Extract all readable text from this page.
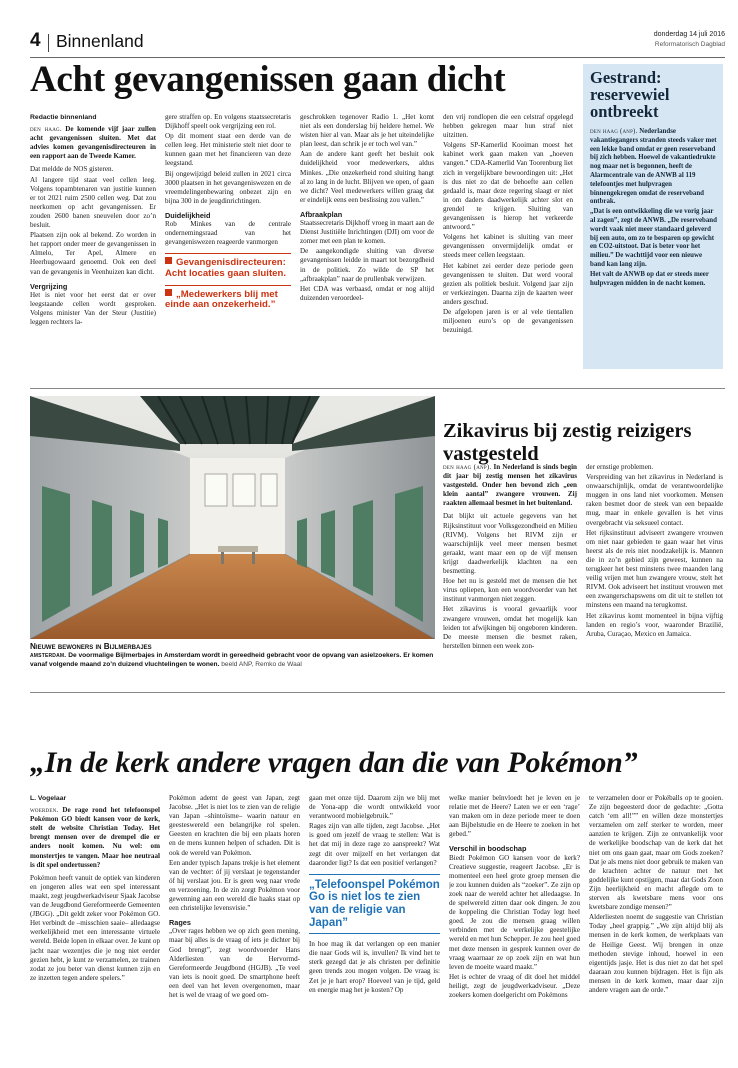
4 Binnenland	donderdag 14 juli 2016
Reformatorisch Dagblad
Acht gevangenissen gaan dicht
Redactie binnenland

den haag. De komende vijf jaar zullen acht gevangenissen sluiten. Met dat advies komen gevangenisdirecteuren in een rapport aan de Tweede Kamer.

Dat meldde de NOS gisteren.

Al langere tijd staat veel cellen leeg. Volgens topambtenaren van justitie kunnen er tot 2021 ruim 2500 cellen weg. Dat zou neerkomen op acht gevangenissen. Er zouden 2600 banen sneuvelen door zo’n besluit.

Plaatsen zijn ook al bekend. Zo worden in het rapport onder meer de gevangenissen in Almelo, Ter Apel, Almere en Heerhugowaard genoemd. Ook een deel van de gevangenis in Veenhuizen kan dicht.

Vergrijzing

Het is niet voor het eerst dat er over leegstaande cellen wordt gesproken. Volgens minister Van der Steur (Justitie) leggen rechters la-

gere straffen op. En volgens staatssecretaris Dijkhoff speelt ook vergrijzing een rol.

Op dit moment staat een derde van de cellen leeg. Het ministerie stelt niet door te kunnen gaan met het financieren van deze leegstand.

Bij ongewijzigd beleid zullen in 2021 circa 3000 plaatsen in het gevangeniswezen en de vreemdelingenbewaring onbezet zijn en bijna 300 in de jeugdinrichtingen.

Duidelijkheid

Rob Minkes van de centrale ondernemingsraad van het gevangeniswezen reageerde vanmorgen

Gevangenisdirecteuren: Acht locaties gaan sluiten.
„Medewerkers blij met einde aan onzekerheid.”

geschrokken tegenover Radio 1. „Het komt niet als een donderslag bij heldere hemel. We wisten hier al van. Maar als je het uiteindelijke plan leest, dan schrik je er toch wel van.”

Aan de andere kant geeft het besluit ook duidelijkheid voor medewerkers, aldus Minkes. „Die onzekerheid rond sluiting hangt al zo lang in de lucht. Blijven we open, of gaan we dicht? Veel medewerkers willen graag dat er eindelijk eens een beslissing zou vallen.”

Afbraakplan

Staatssecretaris Dijkhoff vroeg in maart aan de Dienst Justitiële Inrichtingen (DJI) om voor de zomer met een plan te komen.

De aangekondigde sluiting van diverse gevangenissen leidde in maart tot bezorgdheid in de politiek. Zo wilde de SP het „afbraakplan” naar de prullenbak verwijzen.

Het CDA was verbaasd, omdat er nog altijd duizenden veroordeel-

den vrij rondlopen die een celstraf opgelegd hebben gekregen maar hun straf niet uitzitten.

Volgens SP-Kamerlid Kooiman moest het kabinet werk gaan maken van „hoeven vangen.” CDA-Kamerlid Van Toorenburg liet zich in vergelijkbare bewoordingen uit: „Het is dus niet zo dat de behoefte aan cellen gedaald is, maar deze regering slaagt er niet in om daders daadwerkelijk achter slot en grendel te krijgen. Sluiting van gevangenissen is hierop het verkeerde antwoord.”

Volgens het kabinet is sluiting van meer gevangenissen onvermijdelijk omdat er steeds meer cellen leegstaan.

Het kabinet zei eerder deze periode geen gevangenissen te sluiten. Dat werd vooral gezien als politiek besluit. Volgend jaar zijn er verkiezingen. Daarna zijn de kaarten weer anders geschud.

De afgelopen jaren is er al vele tientallen miljoenen euro’s op de gevangenissen bezuinigd.

Gestrand: reservewiel ontbreekt

den haag (anp). Nederlandse vakantiegangers stranden steeds vaker met een lekke band omdat er geen reserveband bij zich hebben. Hoewel de vakantiedrukte nog maar net is begonnen, heeft de Alarmcentrale van de ANWB al 119 telefoontjes met hulpvragen binnengekregen omdat de reserveband ontbrak.

„Dat is een ontwikkeling die we vorig jaar al zagen”, zegt de ANWB. „De reserveband wordt vaak niet meer standaard geleverd bij een auto, om zo te besparen op gewicht en CO2-uitstoot. Dat is beter voor het milieu.” De wachttijd voor een nieuwe band kan lang zijn.

Het valt de ANWB op dat er steeds meer hulpvragen midden in de nacht komen.

Nieuwe bewoners in Bijlmerbajes
amsterdam. De voormalige Bijlmerbajes in Amsterdam wordt in gereedheid gebracht voor de opvang van asielzoekers. Er komen vanaf volgende maand zo’n duizend vluchtelingen te wonen. beeld ANP, Remko de Waal
Zikavirus bij zestig reizigers vastgesteld

den haag (anp). In Nederland is sinds begin dit jaar bij zestig mensen het zikavirus vastgesteld. Onder hen bevond zich „een klein aantal” zwangere vrouwen. Zij raakten allemaal besmet in het buitenland.

Dat blijkt uit actuele gegevens van het Rijksinstituut voor Volksgezondheid en Milieu (RIVM). Volgens het RIVM zijn er waarschijnlijk veel meer mensen besmet geraakt, want maar een op de vijf mensen krijgt daadwerkelijk klachten na een besmetting.

Hoe het nu is gesteld met de mensen die het virus opliepen, kon een woordvoerder van het instituut vanmorgen niet zeggen.

Het zikavirus is vooral gevaarlijk voor zwangere vrouwen, omdat het mogelijk kan leiden tot afwijkingen bij ongeboren kinderen. De meeste mensen die besmet raken, herstellen binnen een week zon-

der ernstige problemen.

Verspreiding van het zikavirus in Nederland is onwaarschijnlijk, omdat de verantwoordelijke muggen in ons land niet voorkomen. Mensen raken besmet door de steek van een bepaalde mug, maar in enkele gevallen is het virus overgebracht via seksueel contact.

Het rijksinstituut adviseert zwangere vrouwen om niet naar gebieden te gaan waar het virus heerst als de reis niet noodzakelijk is. Mannen die in zo’n gebied zijn geweest, kunnen na terugkeer het best minstens twee maanden lang veilig vrijen met hun zwangere vrouw, stelt het RIVM. Ook adviseert het instituut vrouwen met een zwangerschapswens om dit uit te stellen tot minstens een maand na terugkomst.

Het zikavirus komt momenteel in bijna vijftig landen en regio’s voor, waaronder Brazilië, Aruba, Curaçao, Mexico en Jamaica.

„In de kerk andere vragen dan die van Pokémon”
L. Vogelaar

woerden. De rage rond het telefoonspel Pokémon GO biedt kansen voor de kerk, stelt de website Christian Today. Het brengt mensen over de drempel die er anders nooit komen. Nu wel: om monstertjes te vangen. Maar hoe neutraal is dit spel ondertussen?

Pokémon heeft vanuit de optiek van kinderen en jongeren alles wat een spel interessant maakt, zegt jeugdwerkadviseur Sjaak Jacobse van de Jeugdbond Gereformeerde Gemeenten (JBGG). „Dit geldt zeker voor Pokémon GO. Het verbindt de –misschien saaie– alledaagse werkelijkheid met een interessante virtuele wereld. Beide lopen in elkaar over. Je kunt op jacht naar wezentjes die je nog niet eerder gezien hebt, je kunt ze verzamelen, ze trainen zodat ze jou beter van dienst kunnen zijn en ze inzetten tegen andere spelers.”

Pokémon ademt de geest van Japan, zegt Jacobse. „Het is niet los te zien van de religie van Japan –shintoïsme– waarin natuur en geesteswereld een belangrijke rol spelen. Geesten en krachten die bij een plaats horen en de mens kunnen helpen of schaden. Dit is ook de wereld van Pokémon.

Een ander typisch Japans trekje is het element van de vechter: óf jij verslaat je tegenstander óf hij verslaat jou. Er is geen weg naar vrede en verzoening. In de zin zorgt Pokémon voor gewenning aan een wereld die haaks staat op een christelijke levensvisie.”

Rages

„Over rages hebben we op zich geen mening, maar bij alles is de vraag of iets je dichter bij God brengt”, zegt woordvoerder Hans Alderliesten van de Hervormd-Gereformeerde Jeugdbond (HGJB). „Te veel van iets is nooit goed. De smartphone heeft een deel van het leven overgenomen, maar het is wel de vraag of we goed om-

gaan met onze tijd. Daarom zijn we blij met de Yona-app die wordt ontwikkeld voor verantwoord mobielgebruik.”

Rages zijn van alle tijden, zegt Jacobse. „Het is goed om jezelf de vraag te stellen: Wat is het dat mij in deze rage zo aanspreekt? Wat zegt dit over mijzelf en het verlangen dat daaronder ligt? Is dat een positief verlangen?

„Telefoonspel Pokémon Go is niet los te zien van de religie van Japan”

In hoe mag ik dat verlangen op een manier die naar Gods wil is, invullen? Ik vind het te sterk gezegd dat je als christen per definitie geen trends zou mogen volgen. De vraag is: Zet je je hart erop? Hoeveel van je tijd, geld en energie mag het je kosten? Op

welke manier beïnvloedt het je leven en je relatie met de Heere? Laten we er een ‘rage’ van maken om in deze periode meer te doen aan Bijbelstudie en de Heere te zoeken in het gebed.”

Verschil in boodschap

Biedt Pokémon GO kansen voor de kerk? Creatieve suggestie, reageert Jacobse. „Er is momenteel een heel grote groep mensen die je zou kunnen duiden als “zoeker”. Ze zijn op zoek naar de wereld achter het alledaagse. In de spelwereld zitten daar ook dingen. Je zou de koppeling die Christian Today legt heel goed. Je zou die mensen graag willen verbinden met de werkelijke geestelijke wereld en met hun Schepper. Je zou heel goed met deze mensen in gesprek kunnen over de vraag waarnaar ze op zoek zijn en wat hun leven de moeite waard maakt.”

Het is echter de vraag of dit doel het middel heiligt, zegt de jeugdwerkadviseur. „Deze zoekers komen doelgericht om Pokémons

te verzamelen door er Pokéballs op te gooien. Ze zijn begeesterd door de gedachte: „Gotta catch ‘em all!”” en willen deze monstertjes verzamelen om zelf sterker te worden, meer aanzien te krijgen. Zijn ze ontvankelijk voor de werkelijke boodschap van de kerk dat het niet om ons gaan gaat, maar om Gods zoeken? Dat je als mens niet door gebruik te maken van de krachten achter de natuur met het goddelijke kunt opstijgen, maar dat Gods Zoon Zijn heerlijkheid en macht aflegde om te sterven als kwetsbare mens voor ons kwetsbare zondige mensen?”

Alderliesten noemt de suggestie van Christian Today „heel grappig.” „We zijn altijd blij als mensen in de kerk komen, de werkplaats van de Heilige Geest. Wij brengen in onze methoden stevige inhoud, hoewel in een eigentijds jasje. Het is dus niet zo dat het spel daaraan zou kunnen bijdragen. Het is fijn als mensen in de kerk komen, maar daar zijn andere vragen aan de orde.”
